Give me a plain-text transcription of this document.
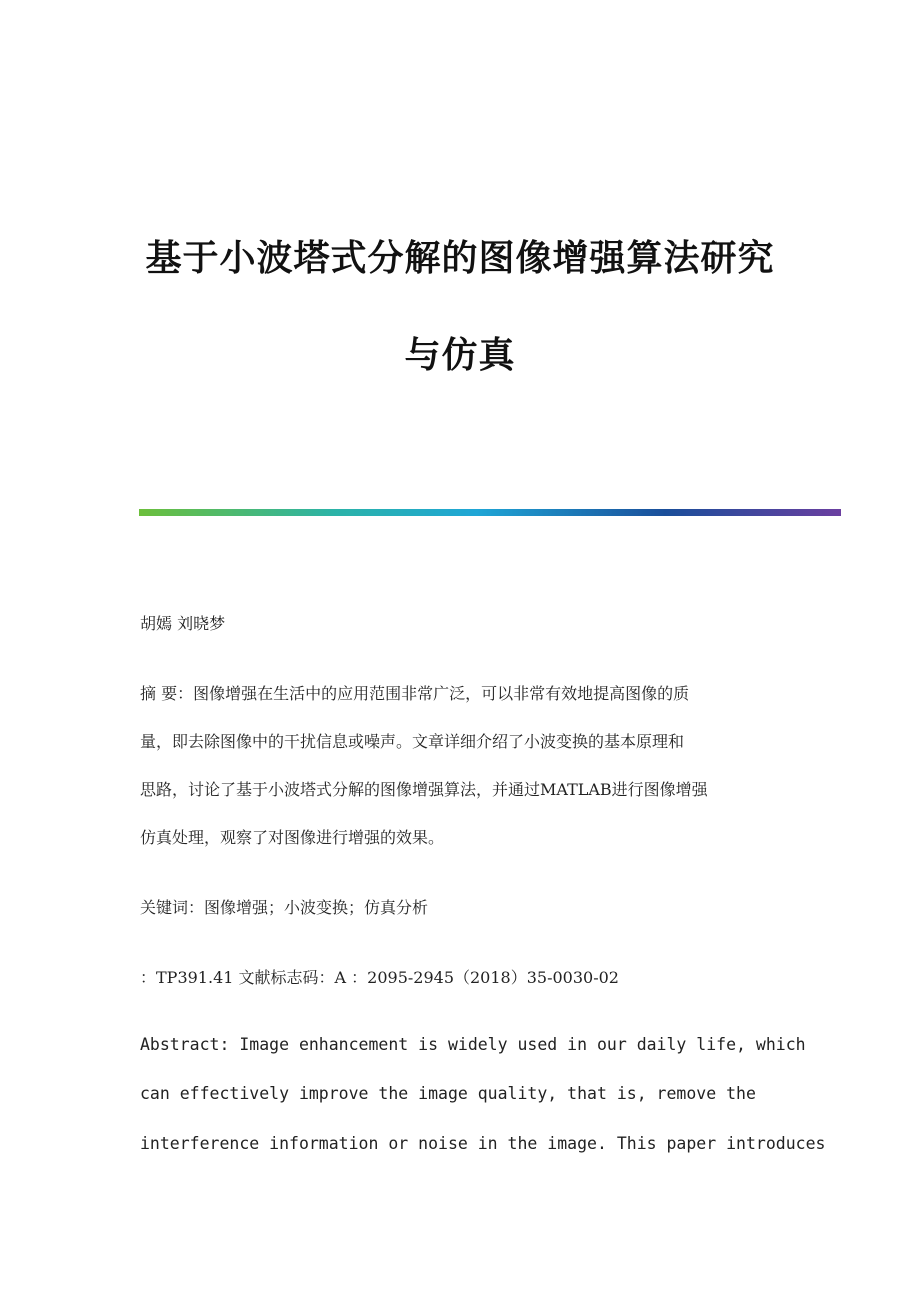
基于小波塔式分解的图像增强算法研究
与仿真
胡嫣 刘晓梦
摘 要：图像增强在生活中的应用范围非常广泛，可以非常有效地提高图像的质
量，即去除图像中的干扰信息或噪声。文章详细介绍了小波变换的基本原理和
思路，讨论了基于小波塔式分解的图像增强算法，并通过MATLAB进行图像增强
仿真处理，观察了对图像进行增强的效果。
关键词：图像增强；小波变换；仿真分析
：TP391.41 文献标志码：A ：2095-2945（2018）35-0030-02
Abstract: Image enhancement is widely used in our daily life, which
can effectively improve the image quality, that is, remove the
interference information or noise in the image. This paper introduces
